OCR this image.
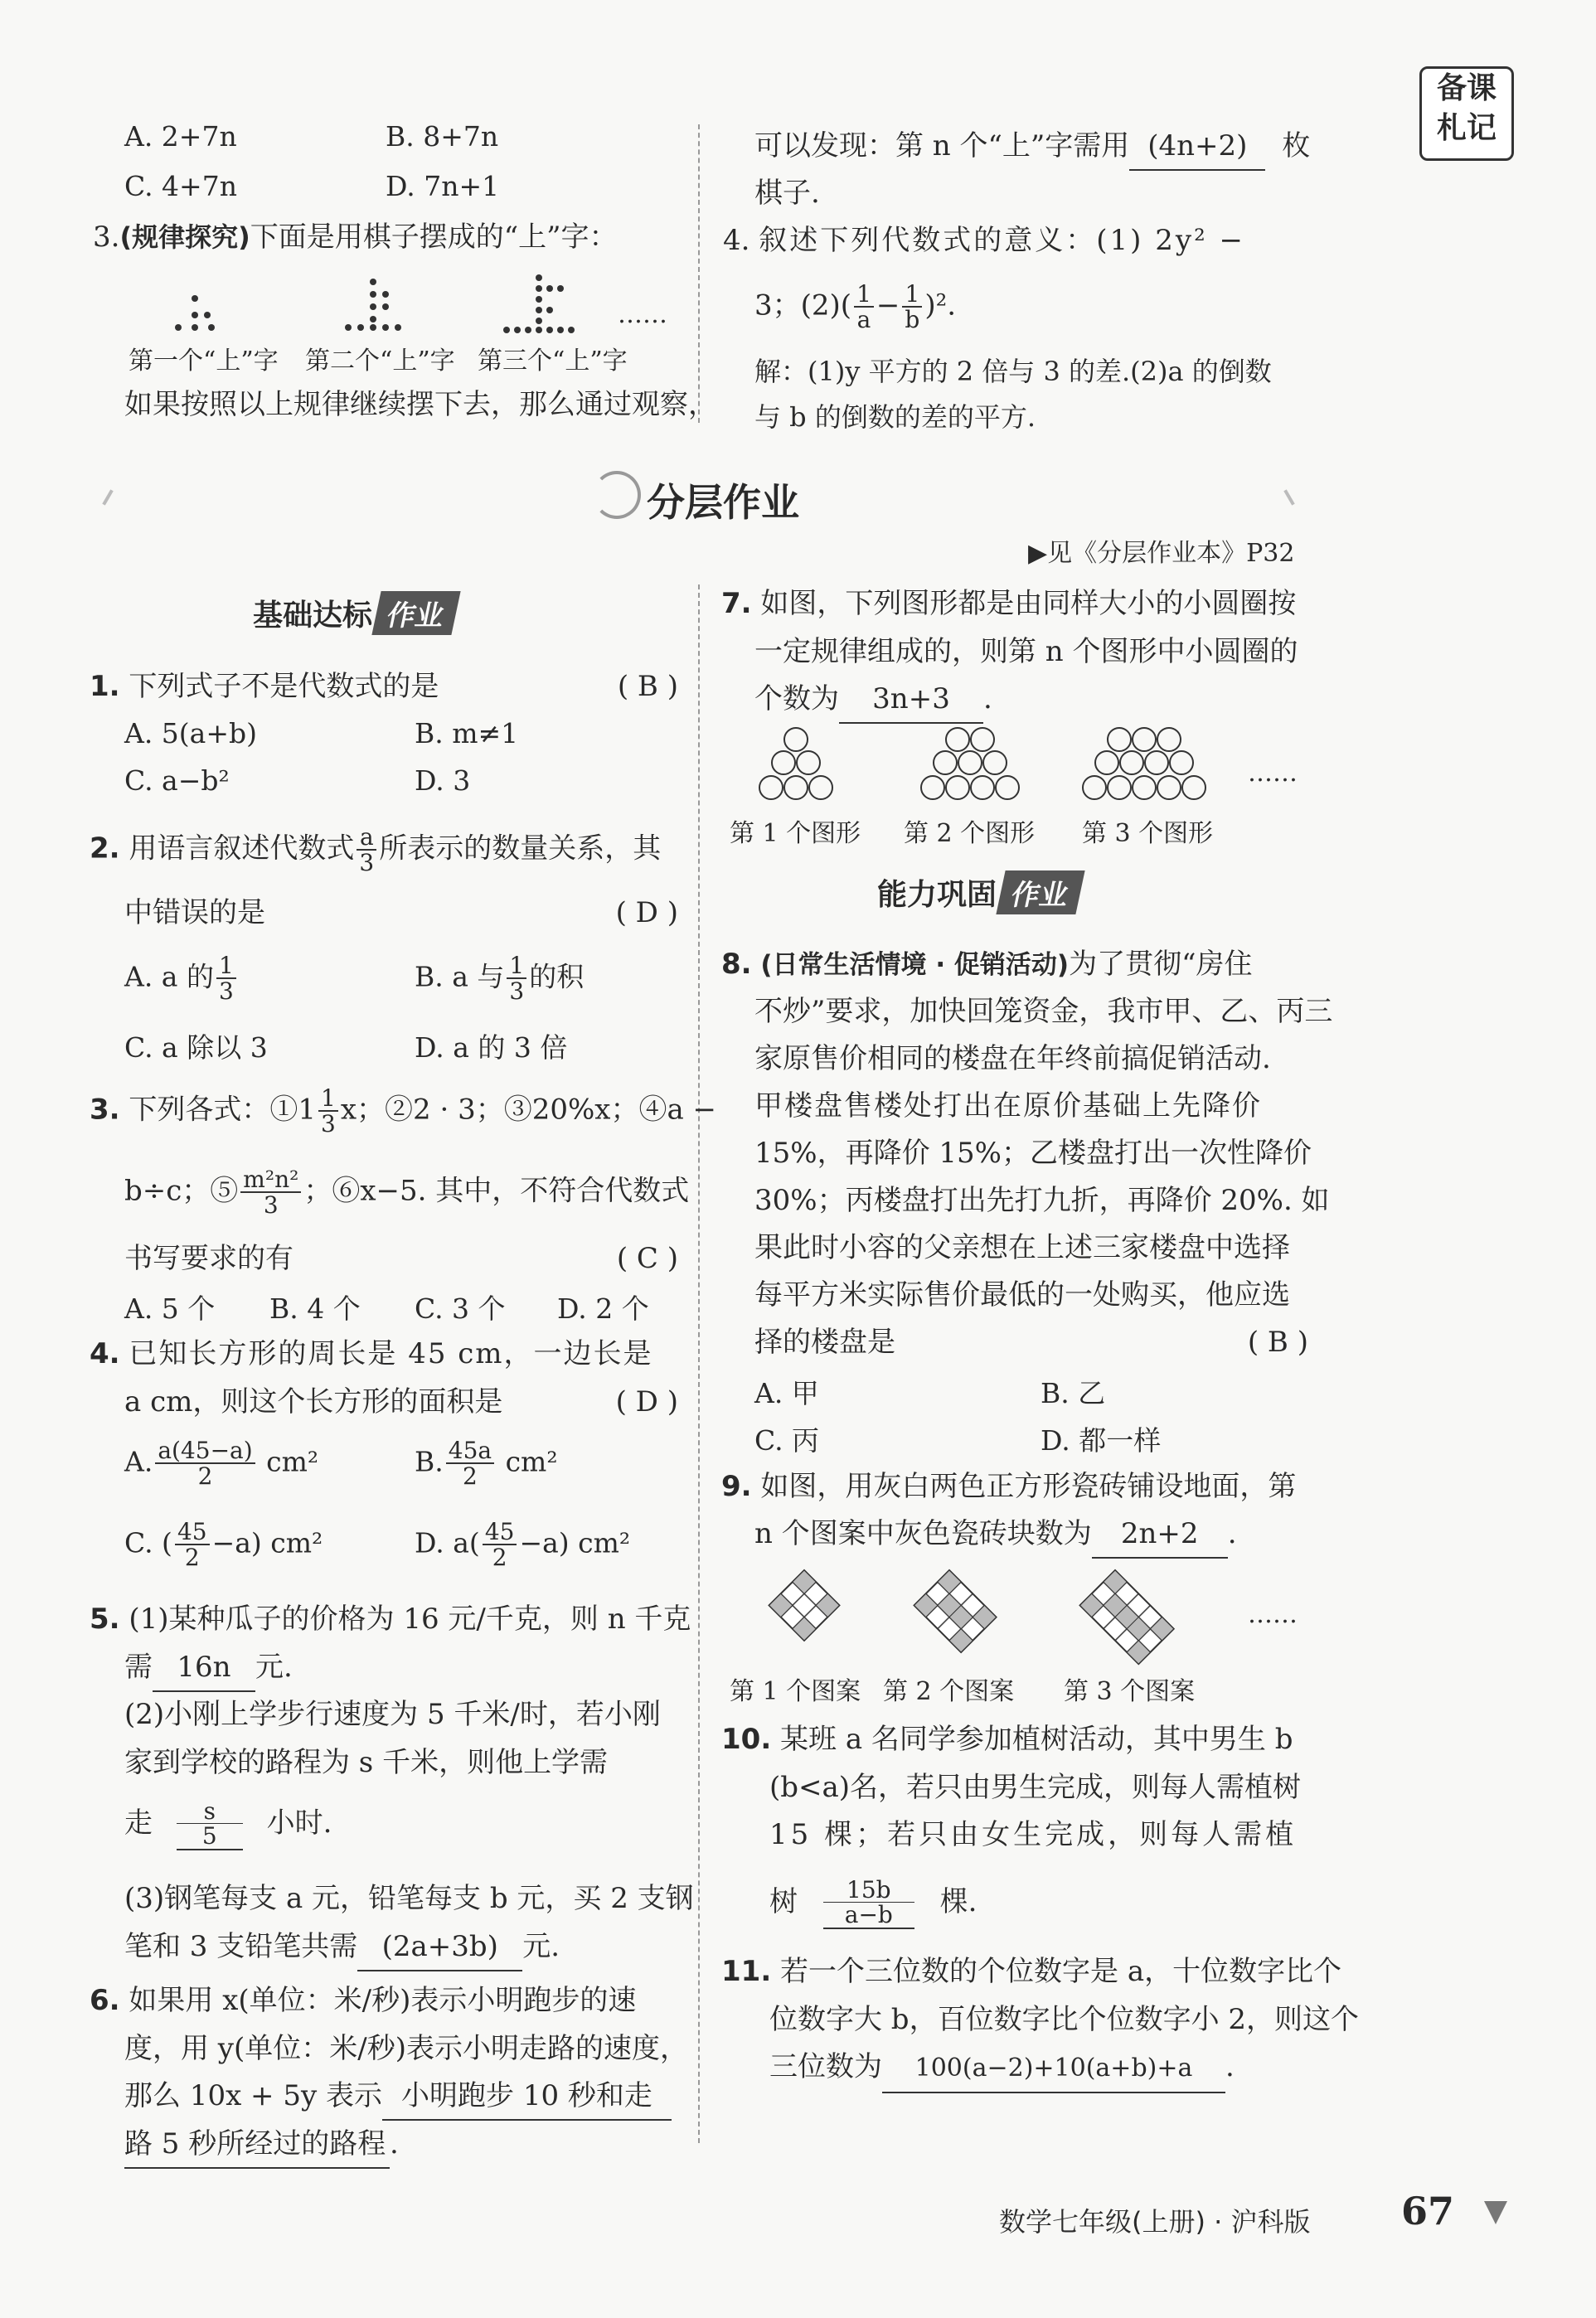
备课
札记
A. 2+7n	B. 8+7n
C. 4+7n	D. 7n+1
3.(规律探究)下面是用棋子摆成的“上”字：
……
第一个“上”字 第二个“上”字 第三个“上”字
如果按照以上规律继续摆下去，那么通过观察，
可以发现：第 n 个“上”字需用 (4n+2) 枚
棋子.
4. 叙述下列代数式的意义：(1) 2y² −
3；$(2)( \frac{1}{a} - \frac{1}{b} )^2$.
解：(1)y 平方的 2 倍与 3 的差.(2)a 的倒数
与 b 的倒数的差的平方.
分层作业
▶见《分层作业本》P32
基础达标 作业
1. 下列式子不是代数式的是	( B )
A. 5(a+b)	B. m≠1
C. a−b²	D. 3
2. 用语言叙述代数式 $\frac{a}{3}$ 所表示的数量关系，其
中错误的是	( D )
A. a 的 $\frac{1}{3}$	B. a 与 $\frac{1}{3}$ 的积
C. a 除以 3	D. a 的 3 倍
3. 下列各式：①1 $\frac{1}{3}$ x；②2 · 3；③20%x；④a −
b÷c；⑤ $\frac{\text{m²n²}}{3}$ ；⑥x−5. 其中，不符合代数式
书写要求的有	( C )
A. 5 个 B. 4 个 C. 3 个 D. 2 个
4. 已知长方形的周长是 45 cm，一边长是
a cm，则这个长方形的面积是	( D )
A. $\frac{a(45-a)}{2} cm^2$	B. $\frac{45a}{2} cm^2$
C. ( $\frac{45}{2} -a$) cm²	D. $a( \frac{45}{2} -a)$ cm²
5. (1)某种瓜子的价格为 16 元/千克，则 n 千克
需 16n 元.
(2)小刚上学步行速度为 5 千米/时，若小刚
家到学校的路程为 s 千米，则他上学需
走 $\frac{s}{5}$ 小时.
(3)钢笔每支 a 元，铅笔每支 b 元，买 2 支钢
笔和 3 支铅笔共需 (2a+3b) 元.
6. 如果用 x(单位：米/秒)表示小明跑步的速
度，用 y(单位：米/秒)表示小明走路的速度，
那么 10x + 5y 表示 小明跑步 10 秒和走
路 5 秒所经过的路程 .
7. 如图，下列图形都是由同样大小的小圆圈按
一定规律组成的，则第 n 个图形中小圆圈的
个数为 3n+3 .
……
第 1 个图形 第 2 个图形 第 3 个图形
能力巩固 作业
8. (日常生活情境 · 促销活动)为了贯彻“房住
不炒”要求，加快回笼资金，我市甲、乙、丙三
家原售价相同的楼盘在年终前搞促销活动.
甲楼盘售楼处打出在原价基础上先降价
15%，再降价 15%；乙楼盘打出一次性降价
30%；丙楼盘打出先打九折，再降价 20%. 如
果此时小容的父亲想在上述三家楼盘中选择
每平方米实际售价最低的一处购买，他应选
择的楼盘是	( B )
A. 甲	B. 乙
C. 丙	D. 都一样
9. 如图，用灰白两色正方形瓷砖铺设地面，第
n 个图案中灰色瓷砖块数为 2n+2 .
……
第 1 个图案 第 2 个图案 第 3 个图案
10. 某班 a 名同学参加植树活动，其中男生 b
(b<a)名，若只由男生完成，则每人需植树
15 棵；若只由女生完成，则每人需植
树 $\frac{15b}{a-b}$ 棵.
11. 若一个三位数的个位数字是 a，十位数字比个
位数字大 b，百位数字比个位数字小 2，则这个
三位数为 100(a−2)+10(a+b)+a .
数学七年级(上册) · 沪科版 67
